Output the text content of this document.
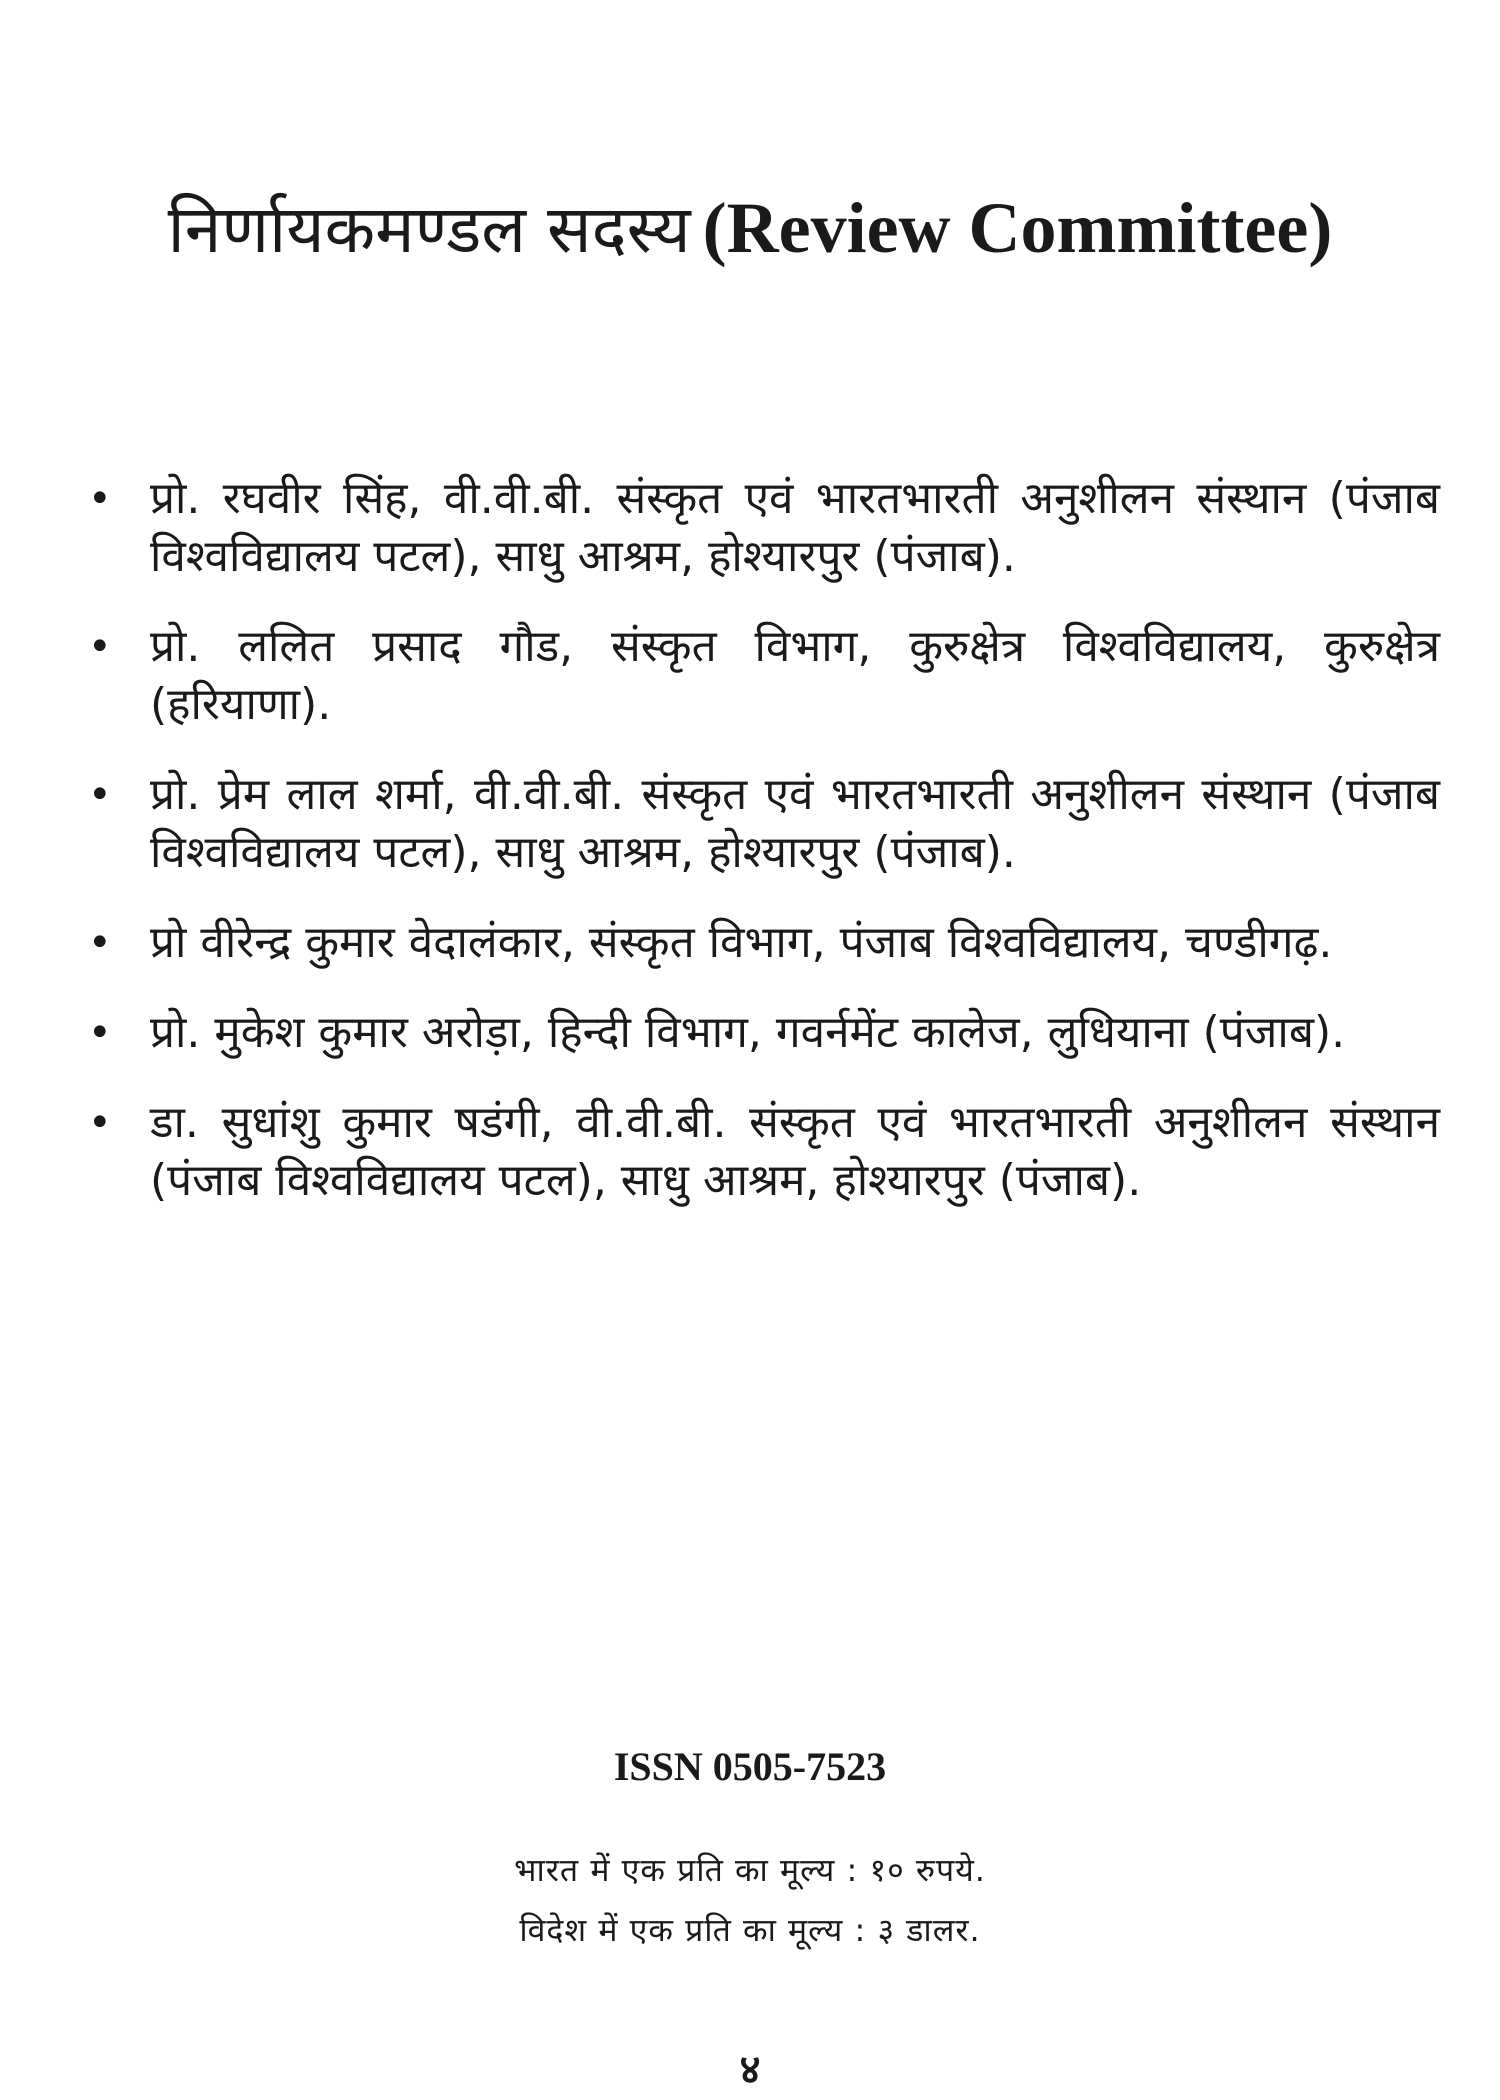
निर्णायकमण्डल सदस्य (Review Committee)
• प्रो. रघवीर सिंह, वी.वी.बी. संस्कृत एवं भारतभारती अनुशीलन संस्थान (पंजाब विश्वविद्यालय पटल), साधु आश्रम, होश्यारपुर (पंजाब).
• प्रो. ललित प्रसाद गौड, संस्कृत विभाग, कुरुक्षेत्र विश्वविद्यालय, कुरुक्षेत्र (हरियाणा).
• प्रो. प्रेम लाल शर्मा, वी.वी.बी. संस्कृत एवं भारतभारती अनुशीलन संस्थान (पंजाब विश्वविद्यालय पटल), साधु आश्रम, होश्यारपुर (पंजाब).
• प्रो वीरेन्द्र कुमार वेदालंकार, संस्कृत विभाग, पंजाब विश्वविद्यालय, चण्डीगढ़.
• प्रो. मुकेश कुमार अरोड़ा, हिन्दी विभाग, गवर्नमेंट कालेज, लुधियाना (पंजाब).
• डा. सुधांशु कुमार षडंगी, वी.वी.बी. संस्कृत एवं भारतभारती अनुशीलन संस्थान (पंजाब विश्वविद्यालय पटल), साधु आश्रम, होश्यारपुर (पंजाब).
ISSN 0505-7523
भारत में एक प्रति का मूल्य : १० रुपये.
विदेश में एक प्रति का मूल्य : ३ डालर.
४
